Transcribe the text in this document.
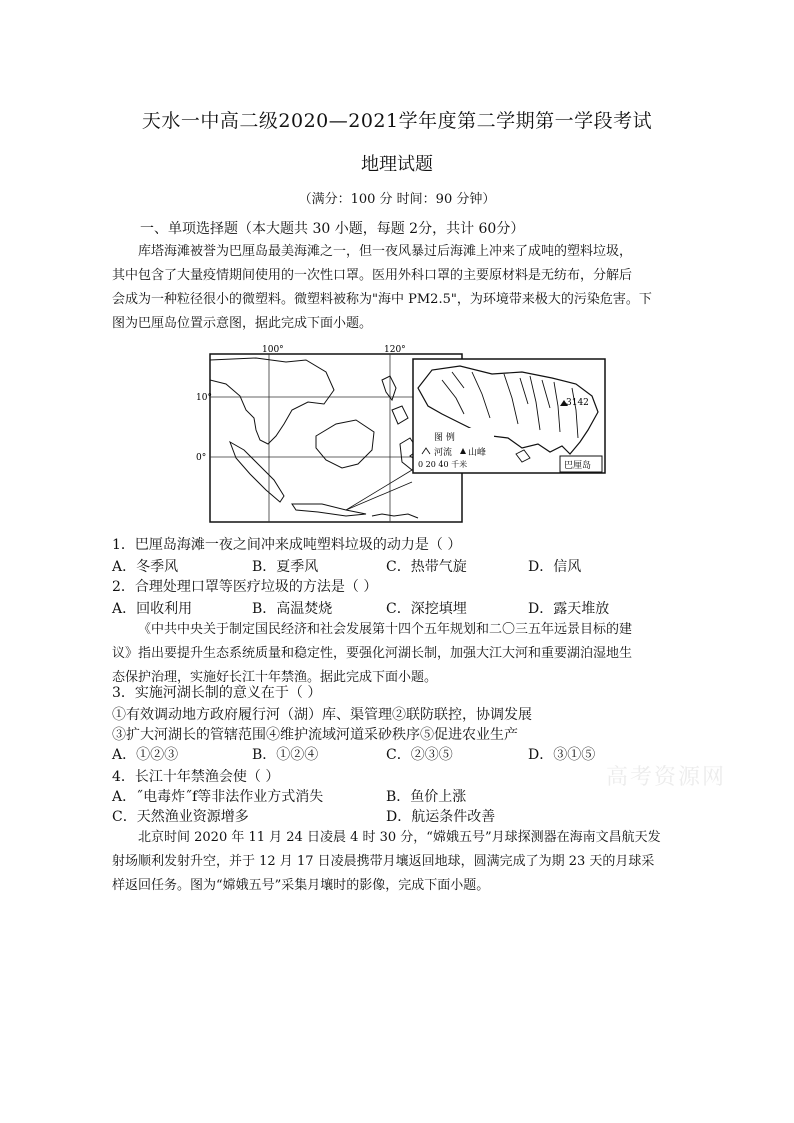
天水一中高二级2020—2021学年度第二学期第一学段考试
地理试题
（满分：100 分 时间：90 分钟）
一、单项选择题（本大题共 30 小题，每题 2分，共计 60分）
库塔海滩被誉为巴厘岛最美海滩之一，但一夜风暴过后海滩上冲来了成吨的塑料垃圾，
其中包含了大量疫情期间使用的一次性口罩。医用外科口罩的主要原材料是无纺布，分解后
会成为一种粒径很小的微塑料。微塑料被称为"海中 PM2.5"，为环境带来极大的污染危害。下
图为巴厘岛位置示意图，据此完成下面小题。
100°	120°
10°
0°
3142
图 例
河流 山峰
0 20 40 千米	巴厘岛
1．巴厘岛海滩一夜之间冲来成吨塑料垃圾的动力是（ ）
A．冬季风	B．夏季风	C．热带气旋	D．信风
2．合理处理口罩等医疗垃圾的方法是（ ）
A．回收利用	B．高温焚烧	C．深挖填埋	D．露天堆放
《中共中央关于制定国民经济和社会发展第十四个五年规划和二〇三五年远景目标的建
议》指出要提升生态系统质量和稳定性，要强化河湖长制，加强大江大河和重要湖泊湿地生
态保护治理，实施好长江十年禁渔。据此完成下面小题。
3．实施河湖长制的意义在于（ ）
①有效调动地方政府履行河（湖）库、渠管理②联防联控，协调发展
③扩大河湖长的管辖范围④维护流域河道采砂秩序⑤促进农业生产
A．①②③	B．①②④	C．②③⑤	D．③①⑤
4．长江十年禁渔会使（ ）
A．˝电毒炸˝f等非法作业方式消失	B．鱼价上涨
C．天然渔业资源增多	D．航运条件改善
北京时间 2020 年 11 月 24 日凌晨 4 时 30 分，“嫦娥五号”月球探测器在海南文昌航天发
射场顺利发射升空，并于 12 月 17 日凌晨携带月壤返回地球，圆满完成了为期 23 天的月球采
样返回任务。图为“嫦娥五号”采集月壤时的影像，完成下面小题。
高考资源网
